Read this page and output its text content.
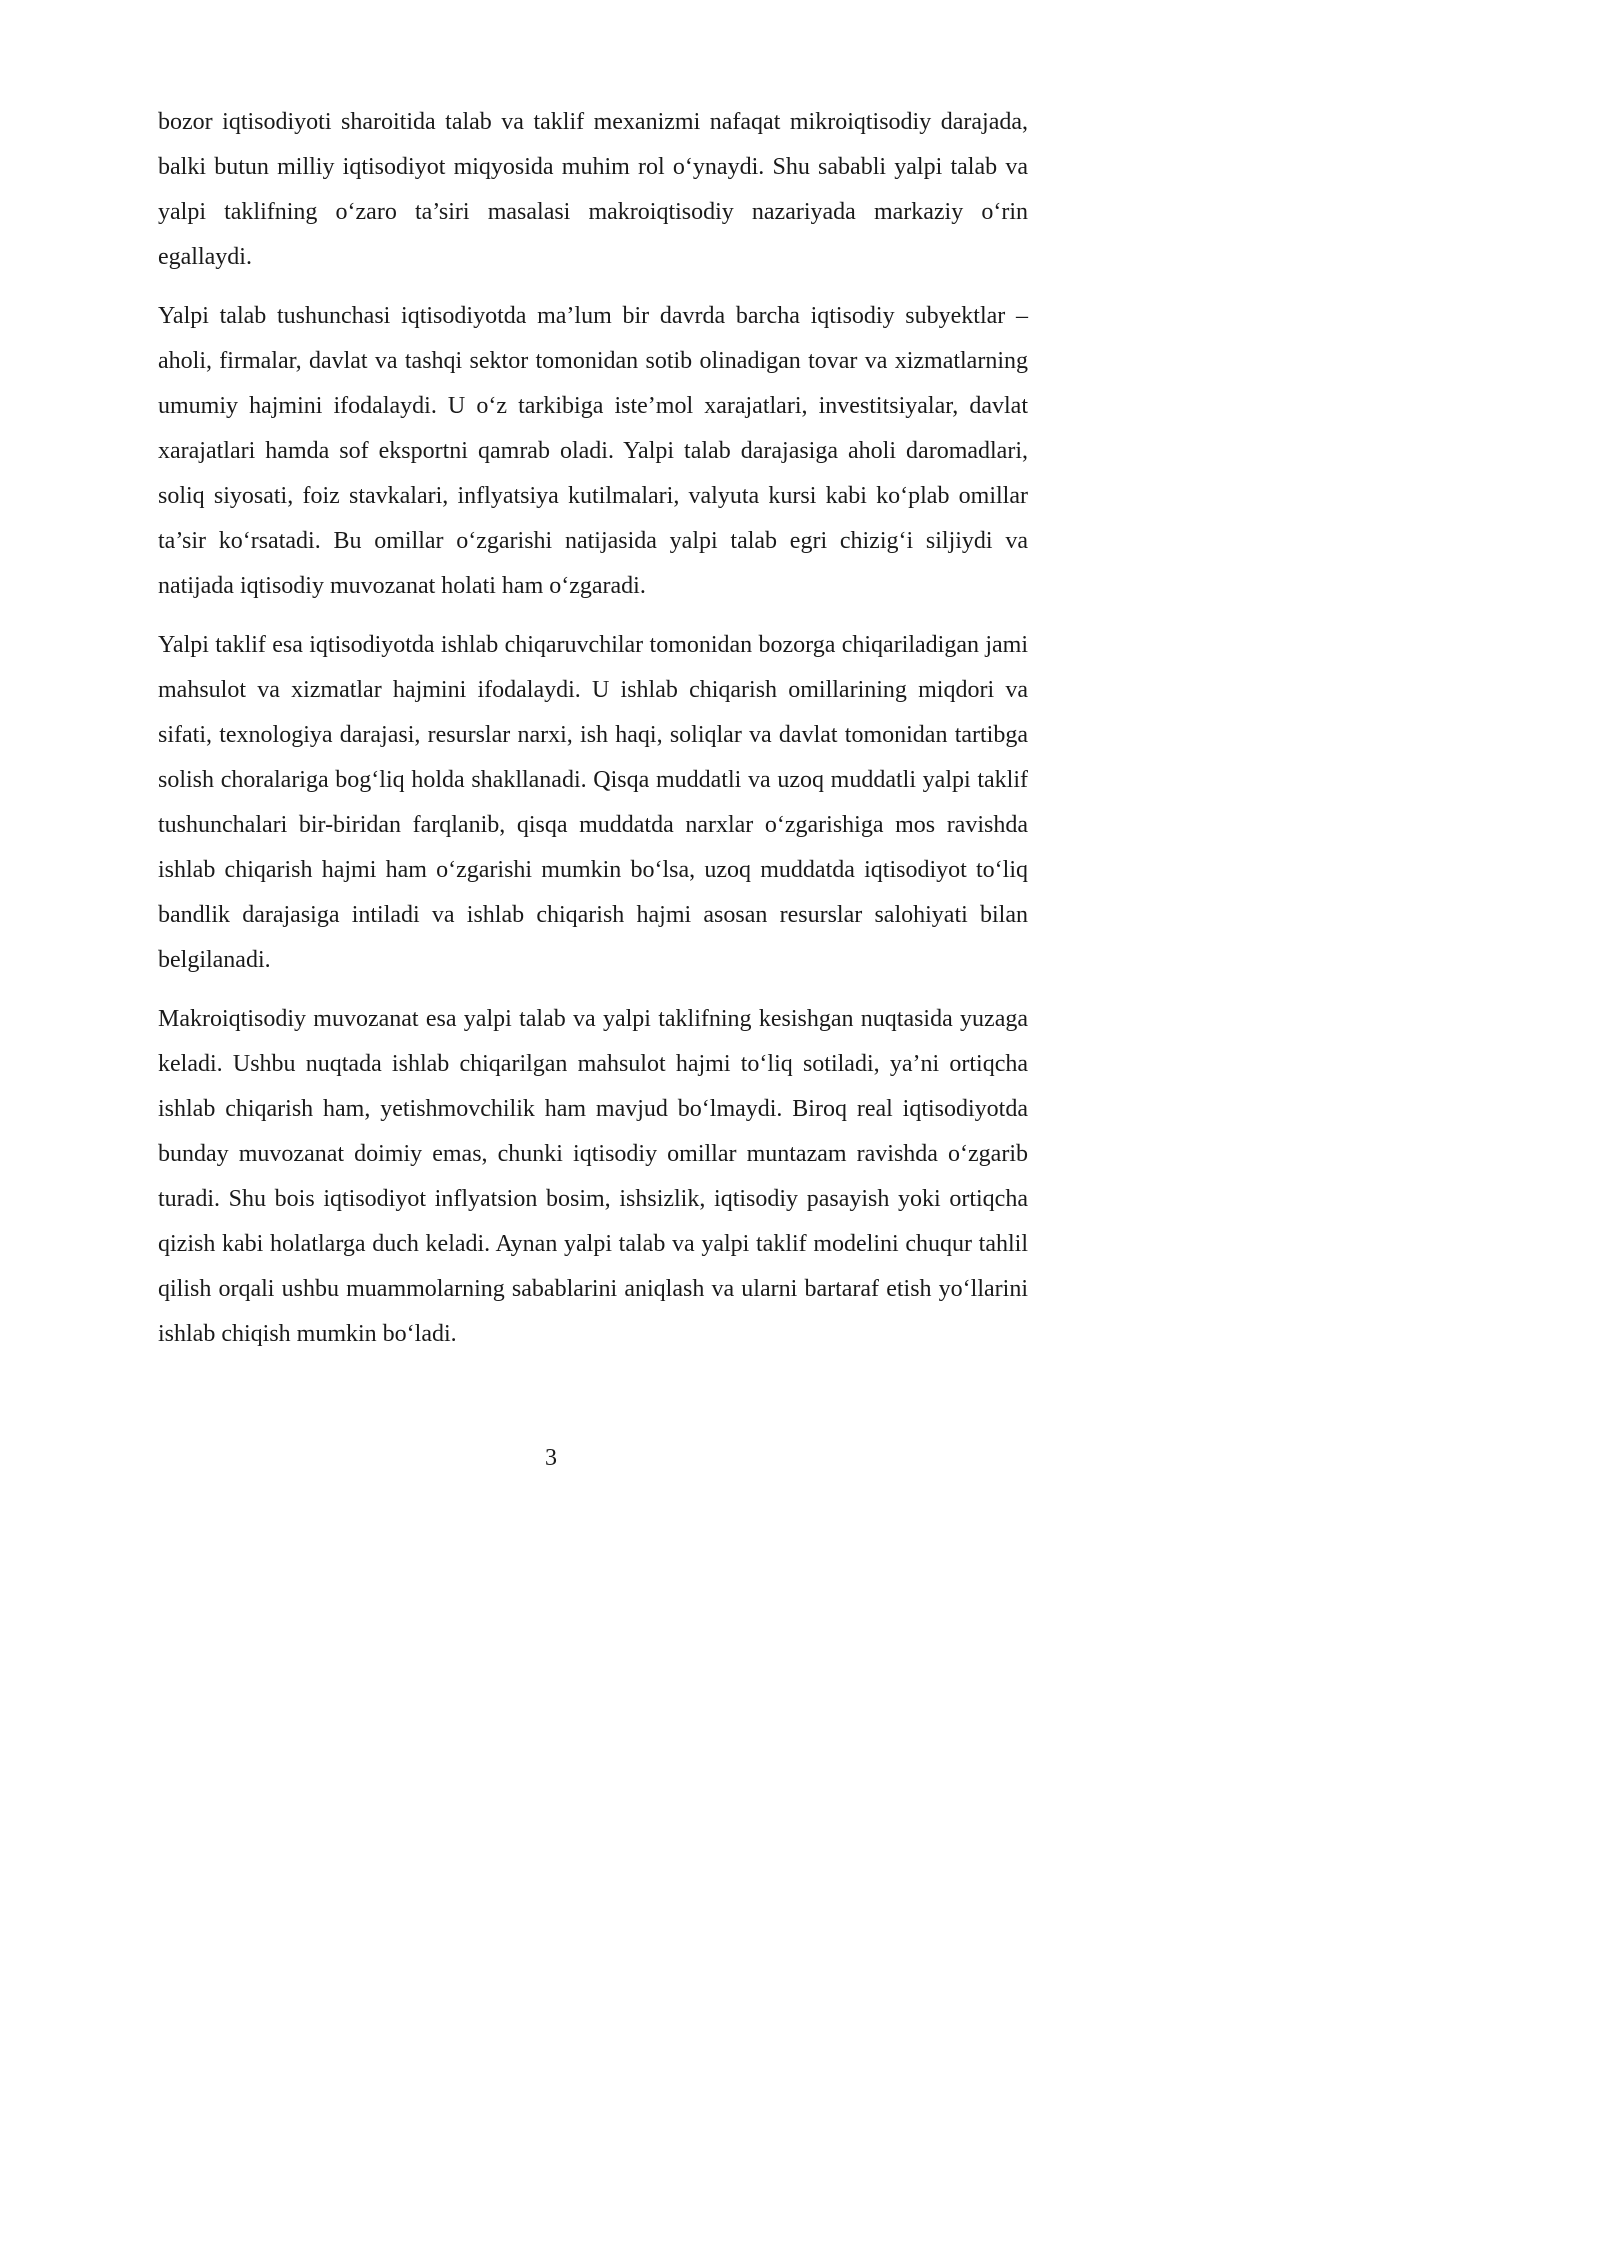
bozor iqtisodiyoti sharoitida talab va taklif mexanizmi nafaqat mikroiqtisodiy darajada, balki butun milliy iqtisodiyot miqyosida muhim rol o‘ynaydi. Shu sababli yalpi talab va yalpi taklifning o‘zaro ta’siri masalasi makroiqtisodiy nazariyada markaziy o‘rin egallaydi.

Yalpi talab tushunchasi iqtisodiyotda ma’lum bir davrda barcha iqtisodiy subyektlar – aholi, firmalar, davlat va tashqi sektor tomonidan sotib olinadigan tovar va xizmatlarning umumiy hajmini ifodalaydi. U o‘z tarkibiga iste’mol xarajatlari, investitsiyalar, davlat xarajatlari hamda sof eksportni qamrab oladi. Yalpi talab darajasiga aholi daromadlari, soliq siyosati, foiz stavkalari, inflyatsiya kutilmalari, valyuta kursi kabi ko‘plab omillar ta’sir ko‘rsatadi. Bu omillar o‘zgarishi natijasida yalpi talab egri chizig‘i siljiydi va natijada iqtisodiy muvozanat holati ham o‘zgaradi.

Yalpi taklif esa iqtisodiyotda ishlab chiqaruvchilar tomonidan bozorga chiqariladigan jami mahsulot va xizmatlar hajmini ifodalaydi. U ishlab chiqarish omillarining miqdori va sifati, texnologiya darajasi, resurslar narxi, ish haqi, soliqlar va davlat tomonidan tartibga solish choralariga bog‘liq holda shakllanadi. Qisqa muddatli va uzoq muddatli yalpi taklif tushunchalari bir-biridan farqlanib, qisqa muddatda narxlar o‘zgarishiga mos ravishda ishlab chiqarish hajmi ham o‘zgarishi mumkin bo‘lsa, uzoq muddatda iqtisodiyot to‘liq bandlik darajasiga intiladi va ishlab chiqarish hajmi asosan resurslar salohiyati bilan belgilanadi.

Makroiqtisodiy muvozanat esa yalpi talab va yalpi taklifning kesishgan nuqtasida yuzaga keladi. Ushbu nuqtada ishlab chiqarilgan mahsulot hajmi to‘liq sotiladi, ya’ni ortiqcha ishlab chiqarish ham, yetishmovchilik ham mavjud bo‘lmaydi. Biroq real iqtisodiyotda bunday muvozanat doimiy emas, chunki iqtisodiy omillar muntazam ravishda o‘zgarib turadi. Shu bois iqtisodiyot inflyatsion bosim, ishsizlik, iqtisodiy pasayish yoki ortiqcha qizish kabi holatlarga duch keladi. Aynan yalpi talab va yalpi taklif modelini chuqur tahlil qilish orqali ushbu muammolarning sabablarini aniqlash va ularni bartaraf etish yo‘llarini ishlab chiqish mumkin bo‘ladi.

3
